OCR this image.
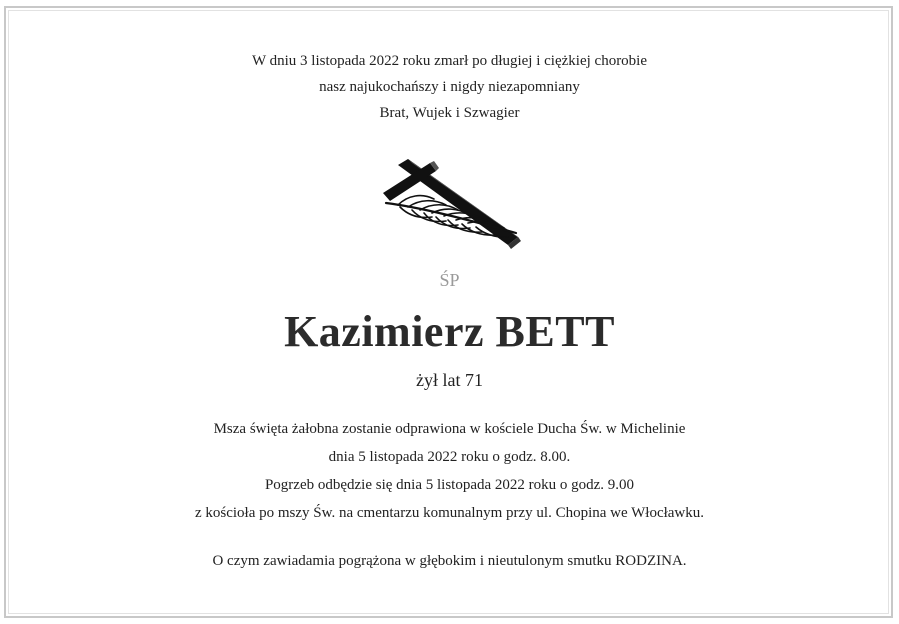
W dniu 3 listopada 2022 roku zmarł po długiej i ciężkiej chorobie
nasz najukochańszy i nigdy niezapomniany
Brat, Wujek i Szwagier
ŚP
Kazimierz BETT
żył lat 71
Msza święta żałobna zostanie odprawiona w kościele Ducha Św. w Michelinie
dnia 5 listopada 2022 roku o godz. 8.00.
Pogrzeb odbędzie się dnia 5 listopada 2022 roku o godz. 9.00
z kościoła po mszy Św. na cmentarzu komunalnym przy ul. Chopina we Włocławku.
O czym zawiadamia pogrążona w głębokim i nieutulonym smutku RODZINA.
